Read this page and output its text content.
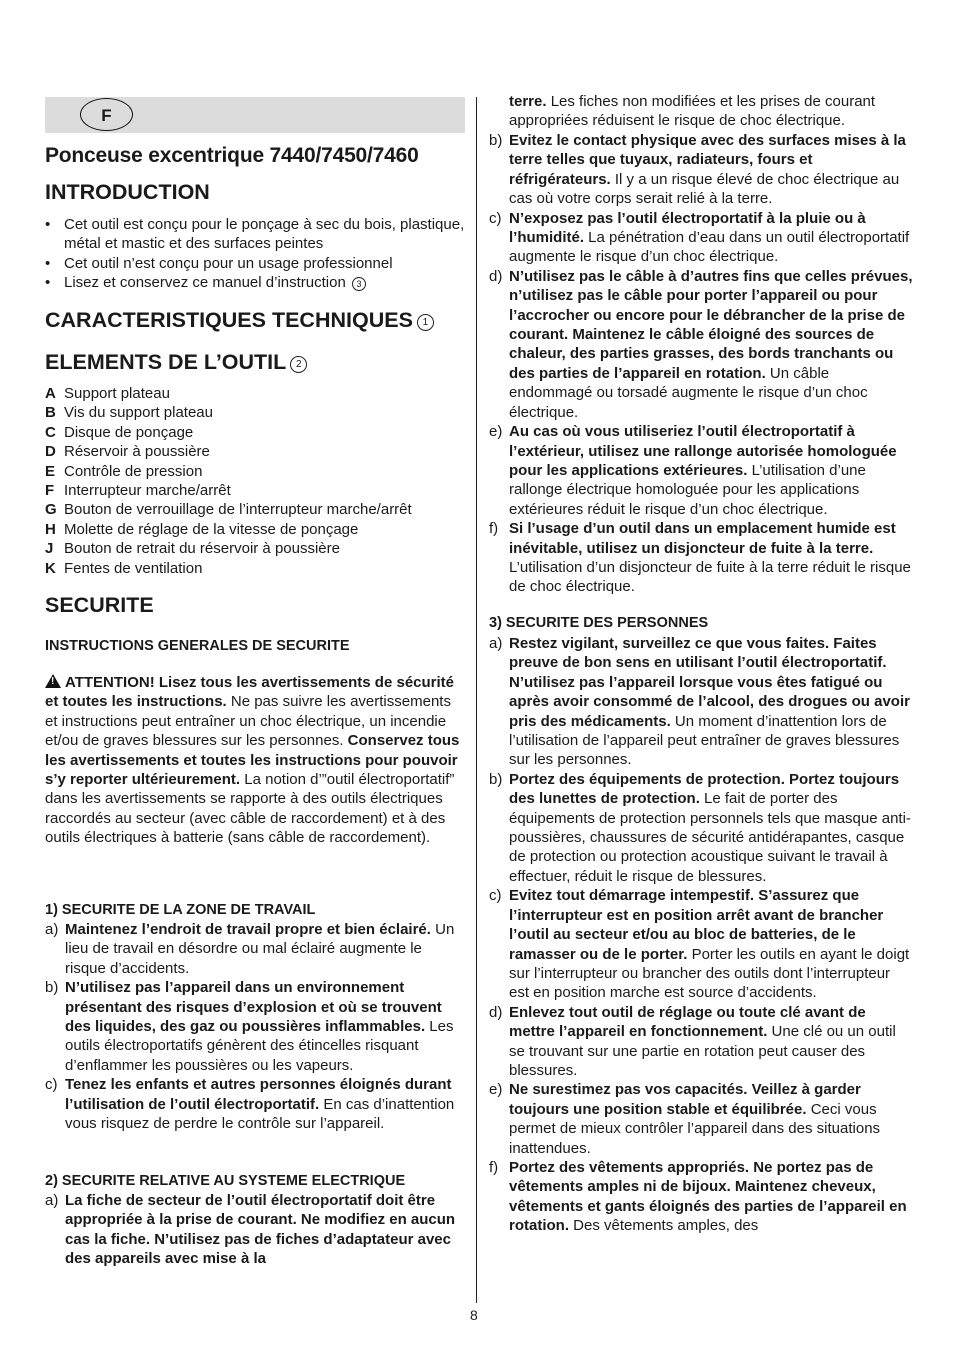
F
Ponceuse excentrique 7440/7450/7460
INTRODUCTION
• Cet outil est conçu pour le ponçage à sec du bois, plastique, métal et mastic et des surfaces peintes
• Cet outil n’est conçu pour un usage professionnel
• Lisez et conservez ce manuel d’instruction 3
CARACTERISTIQUES TECHNIQUES 1
ELEMENTS DE L’OUTIL 2
A Support plateau
B Vis du support plateau
C Disque de ponçage
D Réservoir à poussière
E Contrôle de pression
F Interrupteur marche/arrêt
G Bouton de verrouillage de l’interrupteur marche/arrêt
H Molette de réglage de la vitesse de ponçage
J Bouton de retrait du réservoir à poussière
K Fentes de ventilation
SECURITE
INSTRUCTIONS GENERALES DE SECURITE

!ATTENTION! Lisez tous les avertissements de sécurité et toutes les instructions. Ne pas suivre les avertissements et instructions peut entraîner un choc électrique, un incendie et/ou de graves blessures sur les personnes. Conservez tous les avertissements et toutes les instructions pour pouvoir s’y reporter ultérieurement. La notion d’”outil électroportatif” dans les avertissements se rapporte à des outils électriques raccordés au secteur (avec câble de raccordement) et à des outils électriques à batterie (sans câble de raccordement).

1) SECURITE DE LA ZONE DE TRAVAIL
a) Maintenez l’endroit de travail propre et bien éclairé. Un lieu de travail en désordre ou mal éclairé augmente le risque d’accidents.
b) N’utilisez pas l’appareil dans un environnement présentant des risques d’explosion et où se trouvent des liquides, des gaz ou poussières inflammables. Les outils électroportatifs génèrent des étincelles risquant d’enflammer les poussières ou les vapeurs.
c) Tenez les enfants et autres personnes éloignés durant l’utilisation de l’outil électroportatif. En cas d’inattention vous risquez de perdre le contrôle sur l’appareil.
2) SECURITE RELATIVE AU SYSTEME ELECTRIQUE
a) La fiche de secteur de l’outil électroportatif doit être appropriée à la prise de courant. Ne modifiez en aucun cas la fiche. N’utilisez pas de fiches d’adaptateur avec des appareils avec mise à la
terre. Les fiches non modifiées et les prises de courant appropriées réduisent le risque de choc électrique.
b) Evitez le contact physique avec des surfaces mises à la terre telles que tuyaux, radiateurs, fours et réfrigérateurs. Il y a un risque élevé de choc électrique au cas où votre corps serait relié à la terre.
c) N’exposez pas l’outil électroportatif à la pluie ou à l’humidité. La pénétration d’eau dans un outil électroportatif augmente le risque d’un choc électrique.
d) N’utilisez pas le câble à d’autres fins que celles prévues, n’utilisez pas le câble pour porter l’appareil ou pour l’accrocher ou encore pour le débrancher de la prise de courant. Maintenez le câble éloigné des sources de chaleur, des parties grasses, des bords tranchants ou des parties de l’appareil en rotation. Un câble endommagé ou torsadé augmente le risque d’un choc électrique.
e) Au cas où vous utiliseriez l’outil électroportatif à l’extérieur, utilisez une rallonge autorisée homologuée pour les applications extérieures. L’utilisation d’une rallonge électrique homologuée pour les applications extérieures réduit le risque d’un choc électrique.
f) Si l’usage d’un outil dans un emplacement humide est inévitable, utilisez un disjoncteur de fuite à la terre. L’utilisation d’un disjoncteur de fuite à la terre réduit le risque de choc électrique.
3) SECURITE DES PERSONNES
a) Restez vigilant, surveillez ce que vous faites. Faites preuve de bon sens en utilisant l’outil électroportatif. N’utilisez pas l’appareil lorsque vous êtes fatigué ou après avoir consommé de l’alcool, des drogues ou avoir pris des médicaments. Un moment d’inattention lors de l’utilisation de l’appareil peut entraîner de graves blessures sur les personnes.
b) Portez des équipements de protection. Portez toujours des lunettes de protection. Le fait de porter des équipements de protection personnels tels que masque anti-poussières, chaussures de sécurité antidérapantes, casque de protection ou protection acoustique suivant le travail à effectuer, réduit le risque de blessures.
c) Evitez tout démarrage intempestif. S’assurez que l’interrupteur est en position arrêt avant de brancher l’outil au secteur et/ou au bloc de batteries, de le ramasser ou de le porter. Porter les outils en ayant le doigt sur l’interrupteur ou brancher des outils dont l’interrupteur est en position marche est source d’accidents.
d) Enlevez tout outil de réglage ou toute clé avant de mettre l’appareil en fonctionnement. Une clé ou un outil se trouvant sur une partie en rotation peut causer des blessures.
e) Ne surestimez pas vos capacités. Veillez à garder toujours une position stable et équilibrée. Ceci vous permet de mieux contrôler l’appareil dans des situations inattendues.
f) Portez des vêtements appropriés. Ne portez pas de vêtements amples ni de bijoux. Maintenez cheveux, vêtements et gants éloignés des parties de l’appareil en rotation. Des vêtements amples, des
8
